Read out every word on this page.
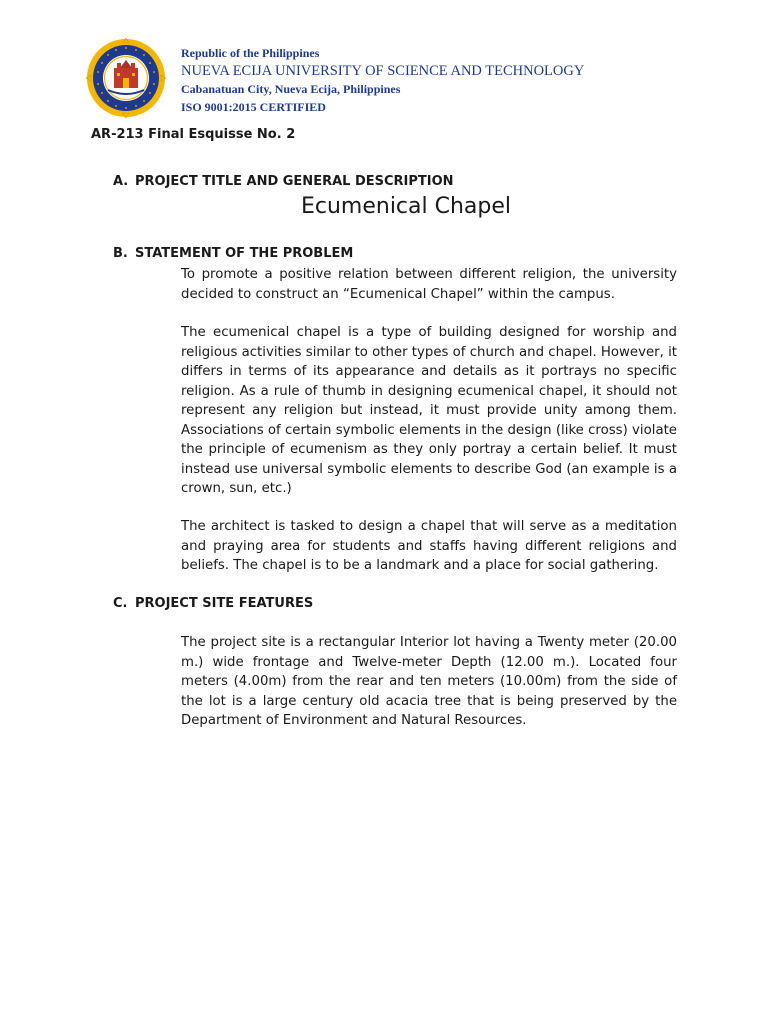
Republic of the Philippines
NUEVA ECIJA UNIVERSITY OF SCIENCE AND TECHNOLOGY
Cabanatuan City, Nueva Ecija, Philippines
ISO 9001:2015 CERTIFIED
AR-213 Final Esquisse No. 2
A. PROJECT TITLE AND GENERAL DESCRIPTION
Ecumenical Chapel
B. STATEMENT OF THE PROBLEM

To promote a positive relation between different religion, the university decided to construct an “Ecumenical Chapel” within the campus.

The ecumenical chapel is a type of building designed for worship and religious activities similar to other types of church and chapel. However, it differs in terms of its appearance and details as it portrays no specific religion. As a rule of thumb in designing ecumenical chapel, it should not represent any religion but instead, it must provide unity among them. Associations of certain symbolic elements in the design (like cross) violate the principle of ecumenism as they only portray a certain belief. It must instead use universal symbolic elements to describe God (an example is a crown, sun, etc.)

The architect is tasked to design a chapel that will serve as a meditation and praying area for students and staffs having different religions and beliefs. The chapel is to be a landmark and a place for social gathering.

C. PROJECT SITE FEATURES

The project site is a rectangular Interior lot having a Twenty meter (20.00 m.) wide frontage and Twelve-meter Depth (12.00 m.). Located four meters (4.00m) from the rear and ten meters (10.00m) from the side of the lot is a large century old acacia tree that is being preserved by the Department of Environment and Natural Resources.
